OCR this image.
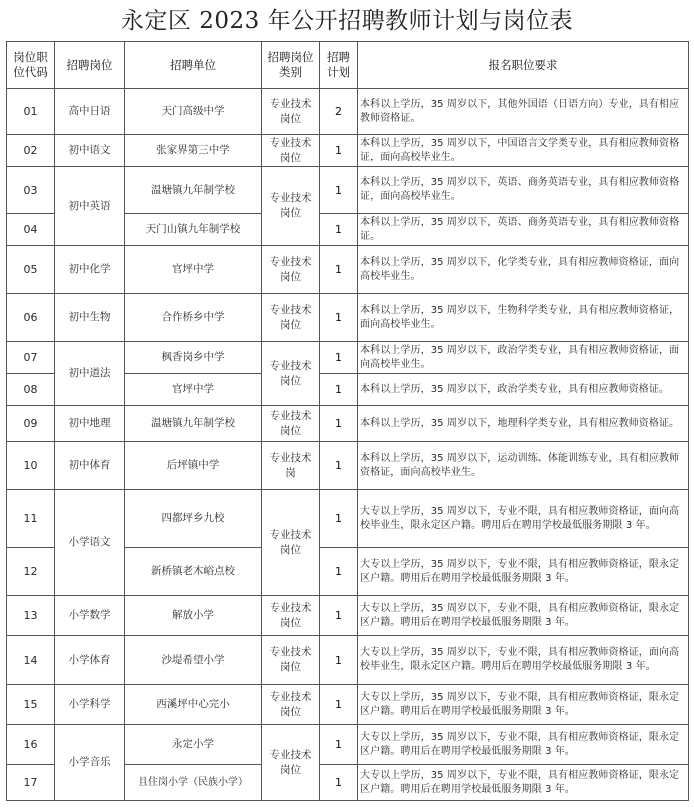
永定区 2023 年公开招聘教师计划与岗位表
岗位职位代码	招聘岗位	招聘单位	招聘岗位类别	招聘计划	报名职位要求
01	高中日语	天门高级中学	专业技术岗位	2	本科以上学历，35 周岁以下，其他外国语（日语方向）专业，具有相应教师资格证。
02	初中语文	张家界第三中学	专业技术岗位	1	本科以上学历，35 周岁以下，中国语言文学类专业，具有相应教师资格证，面向高校毕业生。
03	初中英语	温塘镇九年制学校	专业技术岗位	1	本科以上学历，35 周岁以下，英语、商务英语专业，具有相应教师资格证，面向高校毕业生。
04		天门山镇九年制学校		1	本科以上学历，35 周岁以下，英语、商务英语专业，具有相应教师资格证。
05	初中化学	官坪中学	专业技术岗位	1	本科以上学历，35 周岁以下，化学类专业，具有相应教师资格证，面向高校毕业生。
06	初中生物	合作桥乡中学	专业技术岗位	1	本科以上学历，35 周岁以下，生物科学类专业，具有相应教师资格证，面向高校毕业生。
07	初中道法	枫香岗乡中学	专业技术岗位	1	本科以上学历，35 周岁以下，政治学类专业，具有相应教师资格证，面向高校毕业生。
08		官坪中学		1	本科以上学历，35 周岁以下，政治学类专业，具有相应教师资格证。
09	初中地理	温塘镇九年制学校	专业技术岗位	1	本科以上学历，35 周岁以下，地理科学类专业，具有相应教师资格证。
10	初中体育	后坪镇中学	专业技术岗	1	本科以上学历，35 周岁以下，运动训练、体能训练专业，具有相应教师资格证，面向高校毕业生。
11	小学语文	四都坪乡九校	专业技术岗位	1	大专以上学历，35 周岁以下，专业不限，具有相应教师资格证，面向高校毕业生，限永定区户籍。聘用后在聘用学校最低服务期限 3 年。
12		新桥镇老木峪点校		1	大专以上学历，35 周岁以下，专业不限，具有相应教师资格证，限永定区户籍。聘用后在聘用学校最低服务期限 3 年。
13	小学数学	解放小学	专业技术岗位	1	大专以上学历，35 周岁以下，专业不限，具有相应教师资格证，限永定区户籍。聘用后在聘用学校最低服务期限 3 年。
14	小学体育	沙堤希望小学	专业技术岗位	1	大专以上学历，35 周岁以下，专业不限，具有相应教师资格证，面向高校毕业生，限永定区户籍。聘用后在聘用学校最低服务期限 3 年。
15	小学科学	西溪坪中心完小	专业技术岗位	1	大专以上学历，35 周岁以下，专业不限，具有相应教师资格证，限永定区户籍。聘用后在聘用学校最低服务期限 3 年。
16	小学音乐	永定小学	专业技术岗位	1	大专以上学历，35 周岁以下，专业不限，具有相应教师资格证，限永定区户籍。聘用后在聘用学校最低服务期限 3 年。
17		且住岗小学（民族小学）		1	大专以上学历，35 周岁以下，专业不限，具有相应教师资格证，限永定区户籍。聘用后在聘用学校最低服务期限 3 年。
